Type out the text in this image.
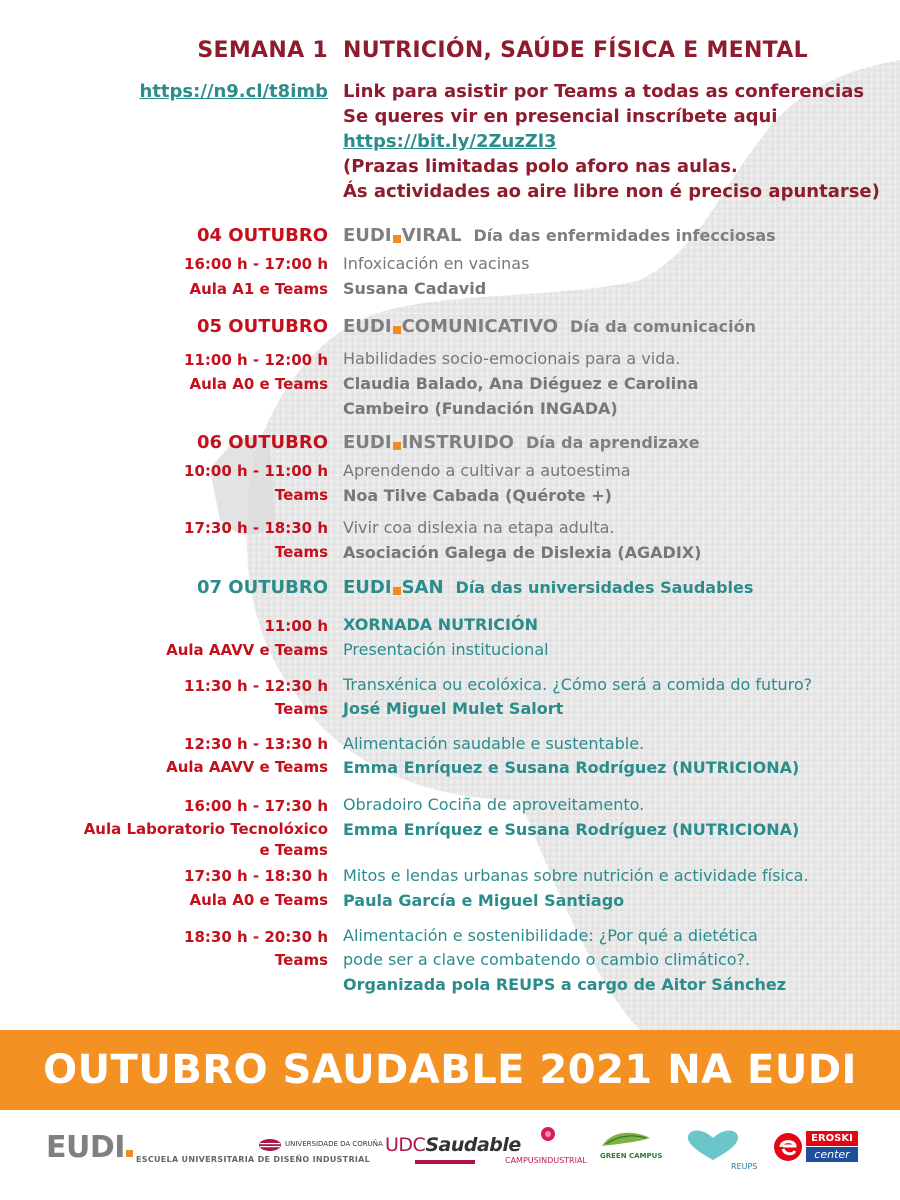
SEMANA 1 NUTRICIÓN, SAÚDE FÍSICA E MENTAL
https://n9.cl/t8imb Link para asistir por Teams a todas as conferencias
Se queres vir en presencial inscríbete aqui
https://bit.ly/2ZuzZl3
(Prazas limitadas polo aforo nas aulas.
Ás actividades ao aire libre non é preciso apuntarse)
04 OUTUBRO EUDI VIRAL Día das enfermidades infecciosas
16:00 h - 17:00 h Infoxicación en vacinas
Aula A1 e Teams Susana Cadavid
05 OUTUBRO EUDI COMUNICATIVO Día da comunicación
11:00 h - 12:00 h Habilidades socio-emocionais para a vida.
Aula A0 e Teams Claudia Balado, Ana Diéguez e Carolina
Cambeiro (Fundación INGADA)
06 OUTUBRO EUDI INSTRUIDO Día da aprendizaxe
10:00 h - 11:00 h Aprendendo a cultivar a autoestima
Teams Noa Tilve Cabada (Quérote +)
17:30 h - 18:30 h Vivir coa dislexia na etapa adulta.
Teams Asociación Galega de Dislexia (AGADIX)
07 OUTUBRO EUDI SAN Día das universidades Saudables
11:00 h XORNADA NUTRICIÓN
Aula AAVV e Teams Presentación institucional
11:30 h - 12:30 h Transxénica ou ecolóxica. ¿Cómo será a comida do futuro?
Teams José Miguel Mulet Salort
12:30 h - 13:30 h Alimentación saudable e sustentable.
Aula AAVV e Teams Emma Enríquez e Susana Rodríguez (NUTRICIONA)
16:00 h - 17:30 h Obradoiro Cociña de aproveitamento.
Aula Laboratorio Tecnolóxico Emma Enríquez e Susana Rodríguez (NUTRICIONA)
e Teams
17:30 h - 18:30 h Mitos e lendas urbanas sobre nutrición e actividade física.
Aula A0 e Teams Paula García e Miguel Santiago
18:30 h - 20:30 h Alimentación e sostenibilidade: ¿Por qué a dietética
Teams pode ser a clave combatendo o cambio climático?.
Organizada pola REUPS a cargo de Aitor Sánchez
OUTUBRO SAUDABLE 2021 NA EUDI
EUDI	ESCUELA UNIVERSITARIA DE DISEÑO INDUSTRIAL
UNIVERSIDADE DA CORUÑA UDCSaudable
CAMPUSINDUSTRIAL GREEN CAMPUS
REUPS
EROSKI
center
